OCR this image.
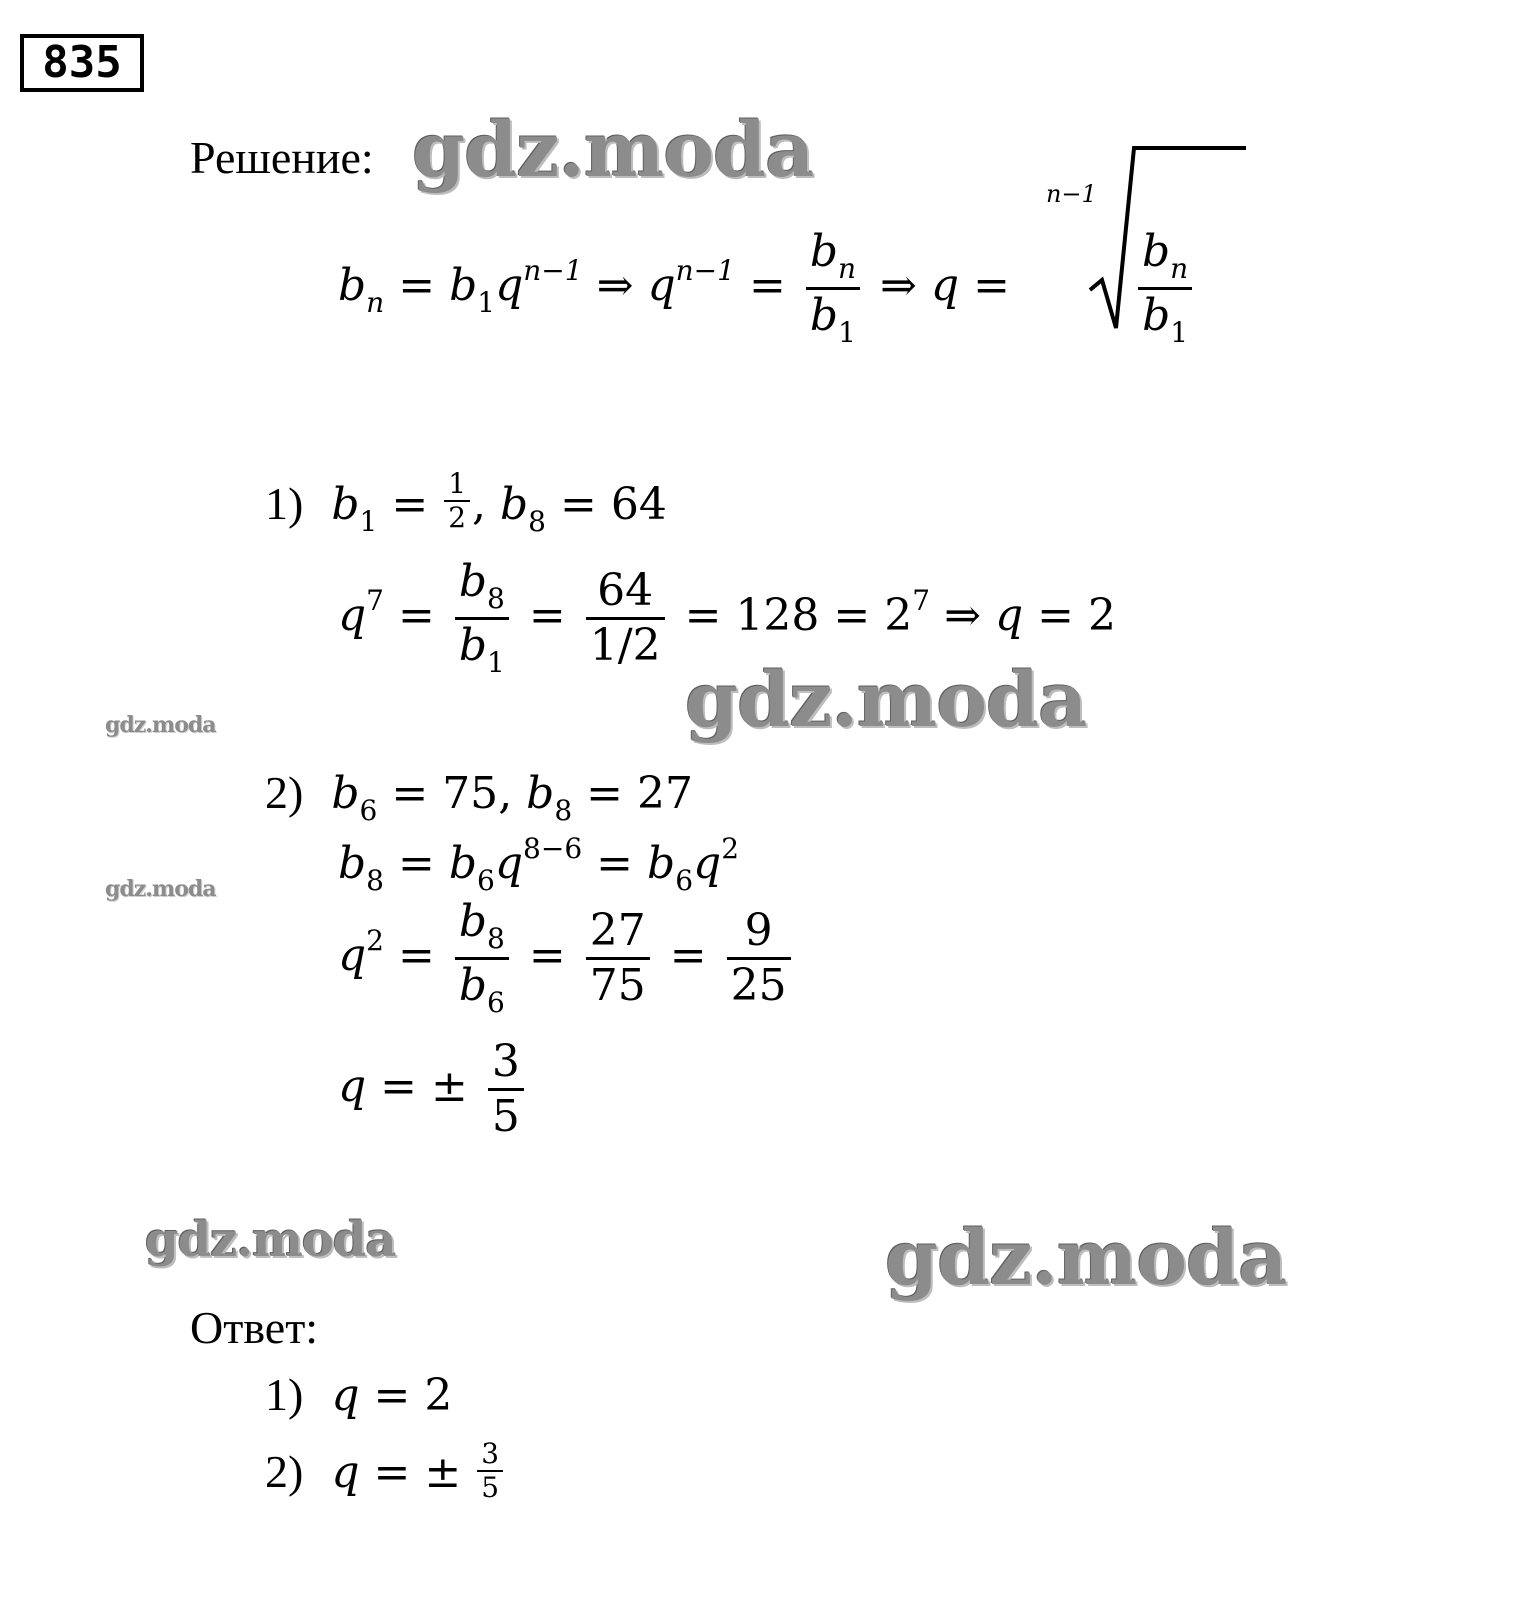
835
Решение: gdz.moda
gdz.moda
gdz.moda
gdz.moda
gdz.moda	gdz.moda
$b_n = b_1q^{n-1}$ ⇒ $q^{n-1} = \frac{b_n}{b_1}$ ⇒ q =
n−1
$\frac{b_n}{b_1}$
1) $b_1 = \frac{1}{2}$ , $b_8 = 64$
$q^7 = \frac{b_8}{b_1} = \frac{64}{1/2} = 128 = 2^7$ ⇒ q = 2
2) $b_6 = 75$, $b_8 = 27$
$b_8 = b_6q^{8-6} = b_6q^2$
$q^2 = \frac{b_8}{b_6} = \frac{27}{75} = \frac{9}{25}$
q = ± $\frac{3}{5}$
Ответ:
1) q = 2
2) q = ± $\frac{3}{5}$
